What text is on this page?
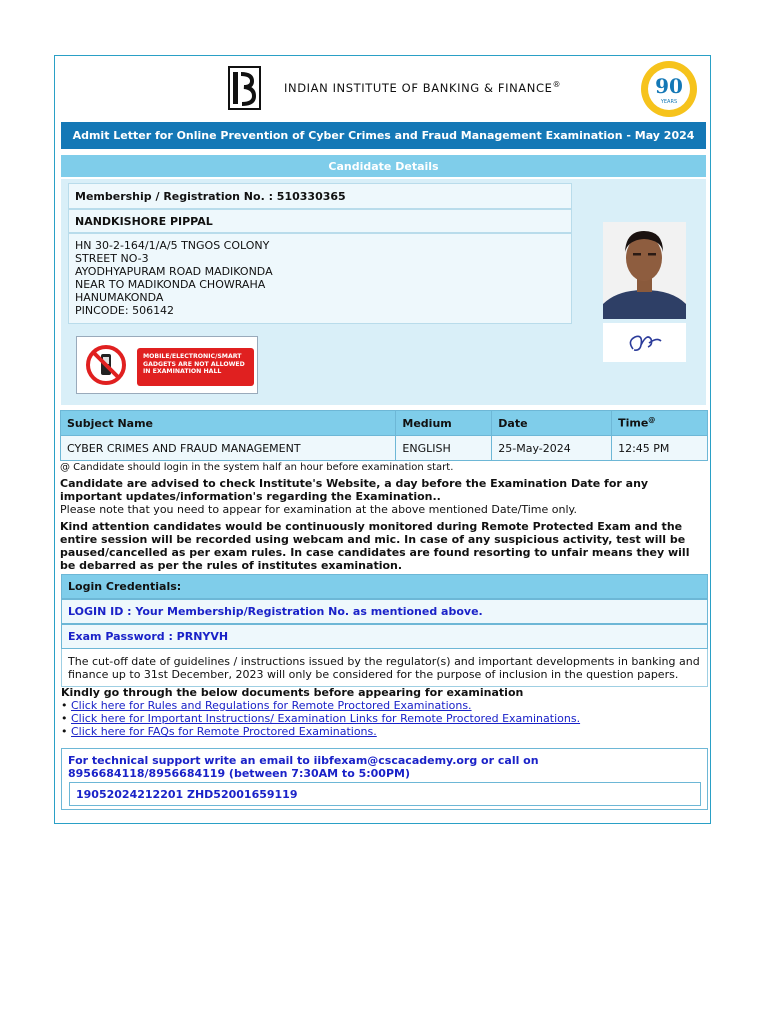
INDIAN INSTITUTE OF BANKING & FINANCE®	90
YEARS
Admit Letter for Online Prevention of Cyber Crimes and Fraud Management Examination - May 2024
Candidate Details
Membership / Registration No. : 510330365
NANDKISHORE PIPPAL
HN 30-2-164/1/A/5 TNGOS COLONY
STREET NO-3
AYODHYAPURAM ROAD MADIKONDA
NEAR TO MADIKONDA CHOWRAHA
HANUMAKONDA
PINCODE: 506142
MOBILE/ELECTRONIC/SMART
GADGETS ARE NOT ALLOWED
IN EXAMINATION HALL
Subject Name	Medium	Date	Time@
CYBER CRIMES AND FRAUD MANAGEMENT	ENGLISH	25-May-2024	12:45 PM
@ Candidate should login in the system half an hour before examination start.
Candidate are advised to check Institute's Website, a day before the Examination Date for any important updates/information's regarding the Examination..
Please note that you need to appear for examination at the above mentioned Date/Time only.
Kind attention candidates would be continuously monitored during Remote Protected Exam and the entire session will be recorded using webcam and mic. In case of any suspicious activity, test will be paused/cancelled as per exam rules. In case candidates are found resorting to unfair means they will be debarred as per the rules of institutes examination.
Login Credentials:
LOGIN ID : Your Membership/Registration No. as mentioned above.
Exam Password : PRNYVH
The cut-off date of guidelines / instructions issued by the regulator(s) and important developments in banking and finance up to 31st December, 2023 will only be considered for the purpose of inclusion in the question papers.
Kindly go through the below documents before appearing for examination
• Click here for Rules and Regulations for Remote Proctored Examinations.
• Click here for Important Instructions/ Examination Links for Remote Proctored Examinations.
• Click here for FAQs for Remote Proctored Examinations.
For technical support write an email to iibfexam@cscacademy.org or call on 8956684118/8956684119 (between 7:30AM to 5:00PM)
19052024212201 ZHD52001659119
